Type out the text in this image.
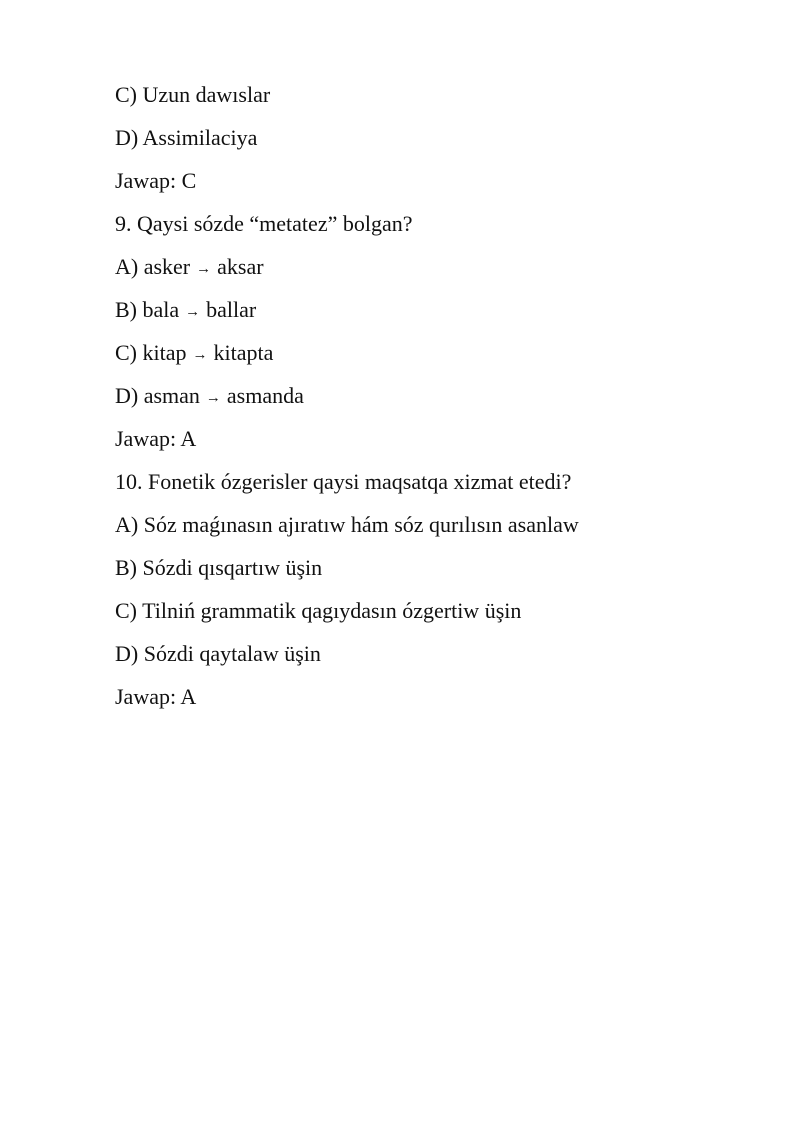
C) Uzun dawıslar
D) Assimilaciya
Jawap: C
9. Qaysi sózde “metatez” bolgan?
A) asker → aksar
B) bala → ballar
C) kitap → kitapta
D) asman → asmanda
Jawap: A
10. Fonetik ózgerisler qaysi maqsatqa xizmat etedi?
A) Sóz maǵınasın ajıratıw hám sóz qurılısın asanlaw
B) Sózdi qısqartıw üşin
C) Tilniń grammatik qagıydasın ózgertiw üşin
D) Sózdi qaytalaw üşin
Jawap: A
